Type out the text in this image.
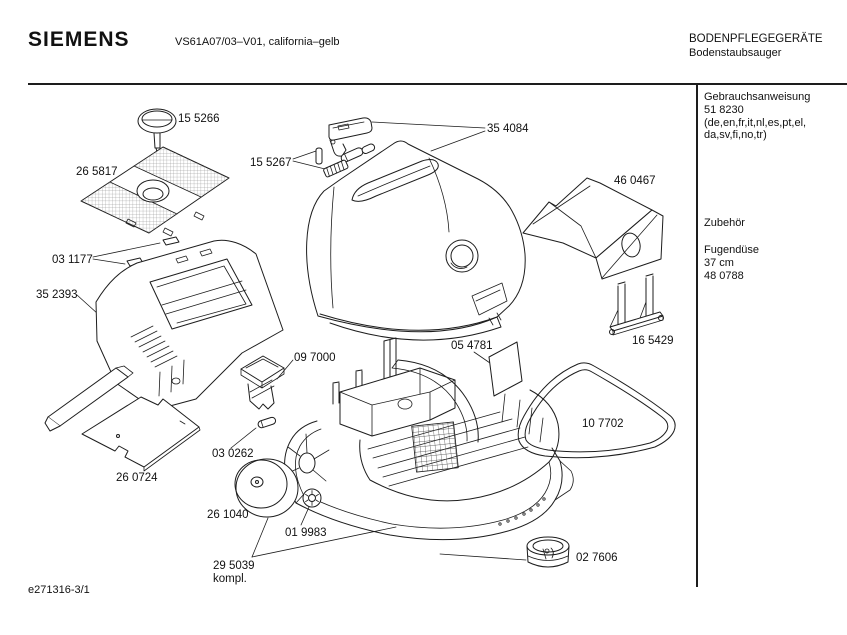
SIEMENS	VS61A07/03–V01, california–gelb	BODENPFLEGEGERÄTE
Bodenstaubsauger
Gebrauchsanweisung
51 8230
(de,en,fr,it,nl,es,pt,el,
da,sv,fi,no,tr)
Zubehör
Fugendüse
37 cm
48 0788
e271316-3/1
15 5266
26 5817
15 5267
35 4084
46 0467
03 1177
35 2393
16 5429
05 4781
09 7000
10 7702
03 0262
26 0724
26 1040
01 9983
29 5039
kompl.
02 7606
